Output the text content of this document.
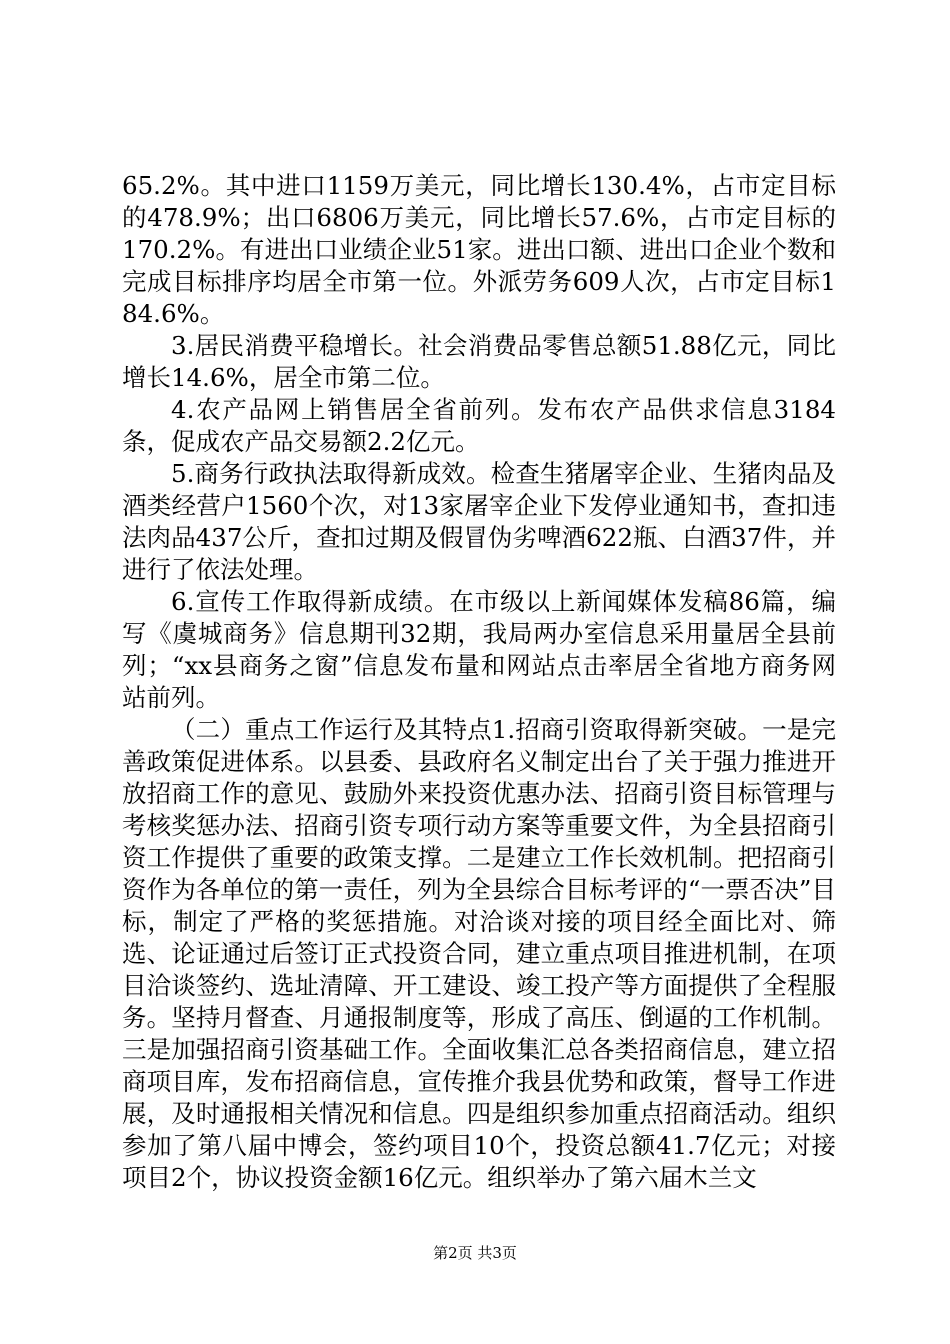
65.2%。其中进口1159万美元，同比增长130.4%，占市定目标的478.9%；出口6806万美元，同比增长57.6%，占市定目标的170.2%。有进出口业绩企业51家。进出口额、进出口企业个数和完成目标排序均居全市第一位。外派劳务609人次，占市定目标184.6%。

3.居民消费平稳增长。社会消费品零售总额51.88亿元，同比增长14.6%，居全市第二位。

4.农产品网上销售居全省前列。发布农产品供求信息3184条，促成农产品交易额2.2亿元。

5.商务行政执法取得新成效。检查生猪屠宰企业、生猪肉品及酒类经营户1560个次，对13家屠宰企业下发停业通知书，查扣违法肉品437公斤，查扣过期及假冒伪劣啤酒622瓶、白酒37件，并进行了依法处理。

6.宣传工作取得新成绩。在市级以上新闻媒体发稿86篇，编写《虞城商务》信息期刊32期，我局两办室信息采用量居全县前列；“xx县商务之窗”信息发布量和网站点击率居全省地方商务网站前列。

（二）重点工作运行及其特点1.招商引资取得新突破。一是完善政策促进体系。以县委、县政府名义制定出台了关于强力推进开放招商工作的意见、鼓励外来投资优惠办法、招商引资目标管理与考核奖惩办法、招商引资专项行动方案等重要文件，为全县招商引资工作提供了重要的政策支撑。二是建立工作长效机制。把招商引资作为各单位的第一责任，列为全县综合目标考评的“一票否决”目标，制定了严格的奖惩措施。对洽谈对接的项目经全面比对、筛选、论证通过后签订正式投资合同，建立重点项目推进机制，在项目洽谈签约、选址清障、开工建设、竣工投产等方面提供了全程服务。坚持月督查、月通报制度等，形成了高压、倒逼的工作机制。三是加强招商引资基础工作。全面收集汇总各类招商信息，建立招商项目库，发布招商信息，宣传推介我县优势和政策，督导工作进展，及时通报相关情况和信息。四是组织参加重点招商活动。组织参加了第八届中博会，签约项目10个，投资总额41.7亿元；对接项目2个，协议投资金额16亿元。组织举办了第六届木兰文

第2页 共3页
